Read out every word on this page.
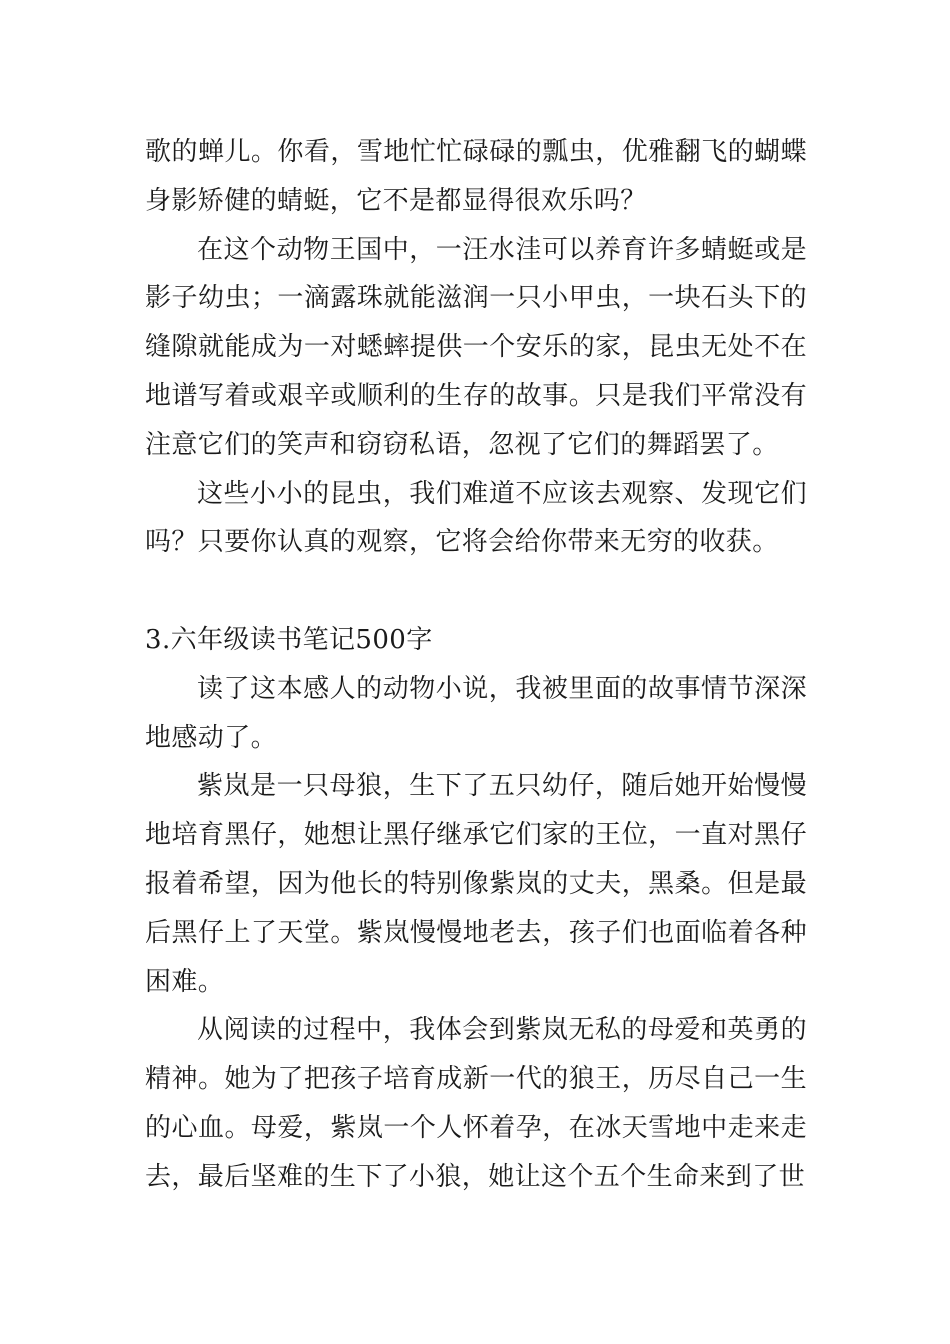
歌的蝉儿。你看，雪地忙忙碌碌的瓢虫，优雅翻飞的蝴蝶身影矫健的蜻蜓，它不是都显得很欢乐吗？

在这个动物王国中，一汪水洼可以养育许多蜻蜓或是影子幼虫；一滴露珠就能滋润一只小甲虫，一块石头下的缝隙就能成为一对蟋蟀提供一个安乐的家，昆虫无处不在地谱写着或艰辛或顺利的生存的故事。只是我们平常没有注意它们的笑声和窃窃私语，忽视了它们的舞蹈罢了。

这些小小的昆虫，我们难道不应该去观察、发现它们吗？只要你认真的观察，它将会给你带来无穷的收获。

3.六年级读书笔记500字

读了这本感人的动物小说，我被里面的故事情节深深地感动了。

紫岚是一只母狼，生下了五只幼仔，随后她开始慢慢地培育黑仔，她想让黑仔继承它们家的王位，一直对黑仔报着希望，因为他长的特别像紫岚的丈夫，黑桑。但是最后黑仔上了天堂。紫岚慢慢地老去，孩子们也面临着各种困难。

从阅读的过程中，我体会到紫岚无私的母爱和英勇的精神。她为了把孩子培育成新一代的狼王，历尽自己一生的心血。母爱，紫岚一个人怀着孕，在冰天雪地中走来走去，最后坚难的生下了小狼，她让这个五个生命来到了世
